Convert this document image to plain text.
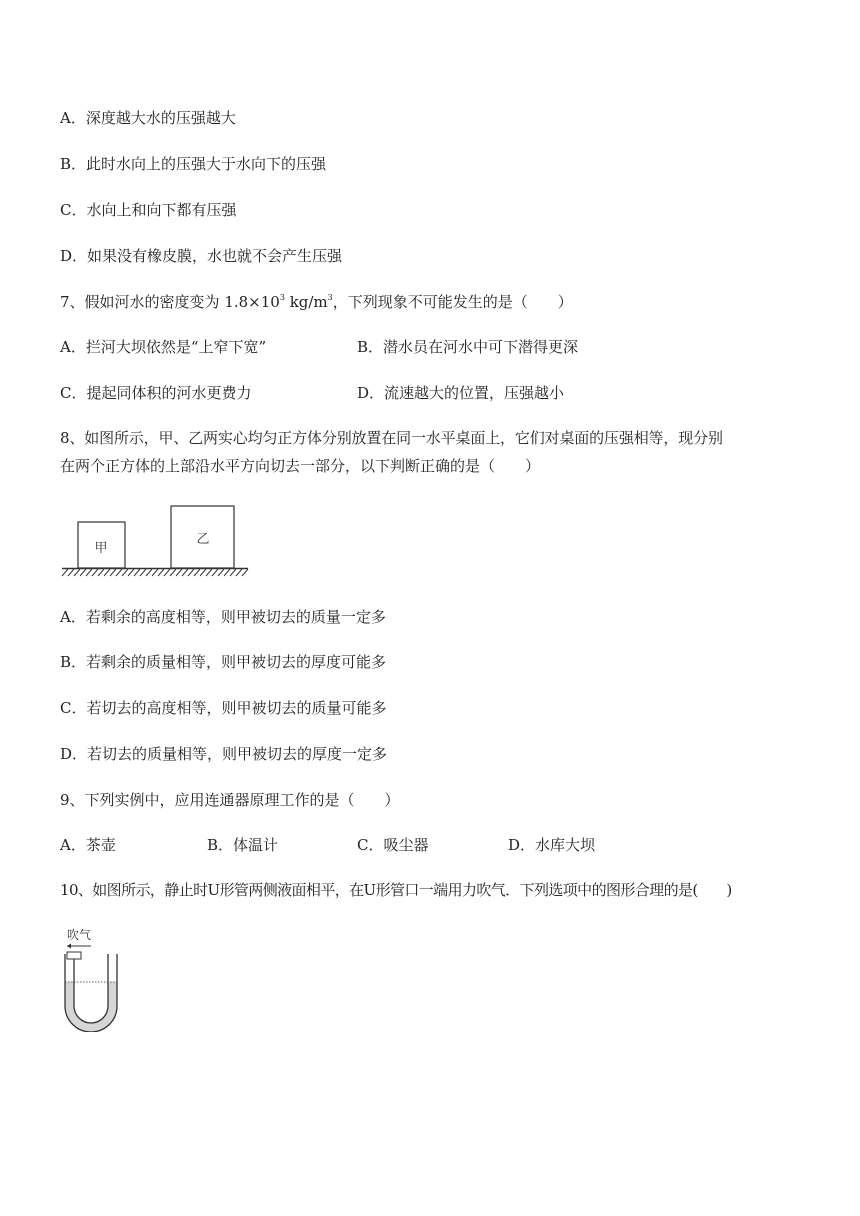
A．深度越大水的压强越大
B．此时水向上的压强大于水向下的压强
C．水向上和向下都有压强
D．如果没有橡皮膜，水也就不会产生压强
7、假如河水的密度变为 $1.8\times 10^3$ $kg/m^3$，下列现象不可能发生的是（　　）
A．拦河大坝依然是“上窄下宽”	B．潜水员在河水中可下潜得更深
C．提起同体积的河水更费力	D．流速越大的位置，压强越小
8、如图所示，甲、乙两实心均匀正方体分别放置在同一水平桌面上，它们对桌面的压强相等，现分别
在两个正方体的上部沿水平方向切去一部分，以下判断正确的是（　　）
甲
乙
A．若剩余的高度相等，则甲被切去的质量一定多
B．若剩余的质量相等，则甲被切去的厚度可能多
C．若切去的高度相等，则甲被切去的质量可能多
D．若切去的质量相等，则甲被切去的厚度一定多
9、下列实例中，应用连通器原理工作的是（　　）
A．茶壶	B．体温计	C．吸尘器	D．水库大坝
10、如图所示，静止时U形管两侧液面相平，在U形管口一端用力吹气．下列选项中的图形合理的是(　　)
吹气
